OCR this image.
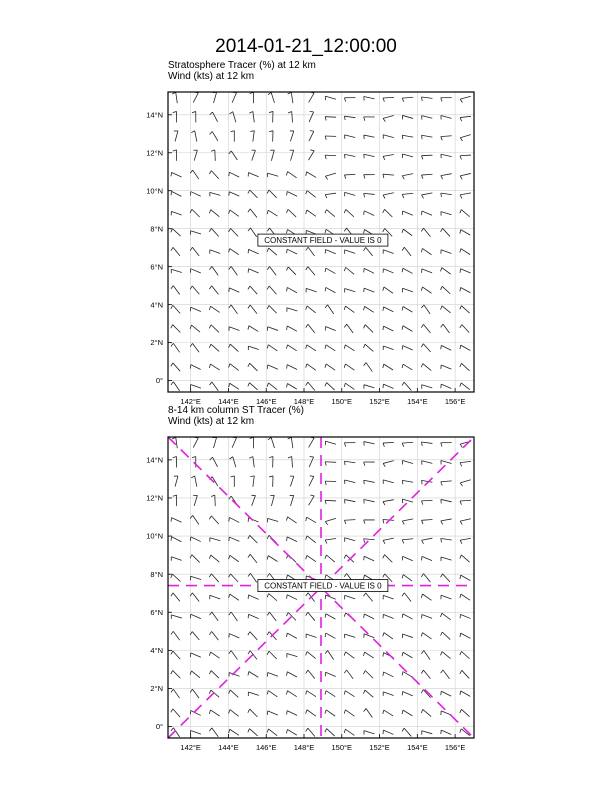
2014-01-21_12:00:00
Stratosphere Tracer (%) at 12 km
Wind (kts) at 12 km
142°E 144°E 146°E 148°E 150°E 152°E 154°E 156°E
0°
2°N
4°N
6°N
8°N
10°N
12°N
14°N
CONSTANT FIELD - VALUE IS 0
142°E 144°E 146°E 148°E 150°E 152°E 154°E 156°E
0°
2°N
4°N
6°N
8°N
10°N
12°N
14°N
CONSTANT FIELD - VALUE IS 0
8-14 km column ST Tracer (%)
Wind (kts) at 12 km
